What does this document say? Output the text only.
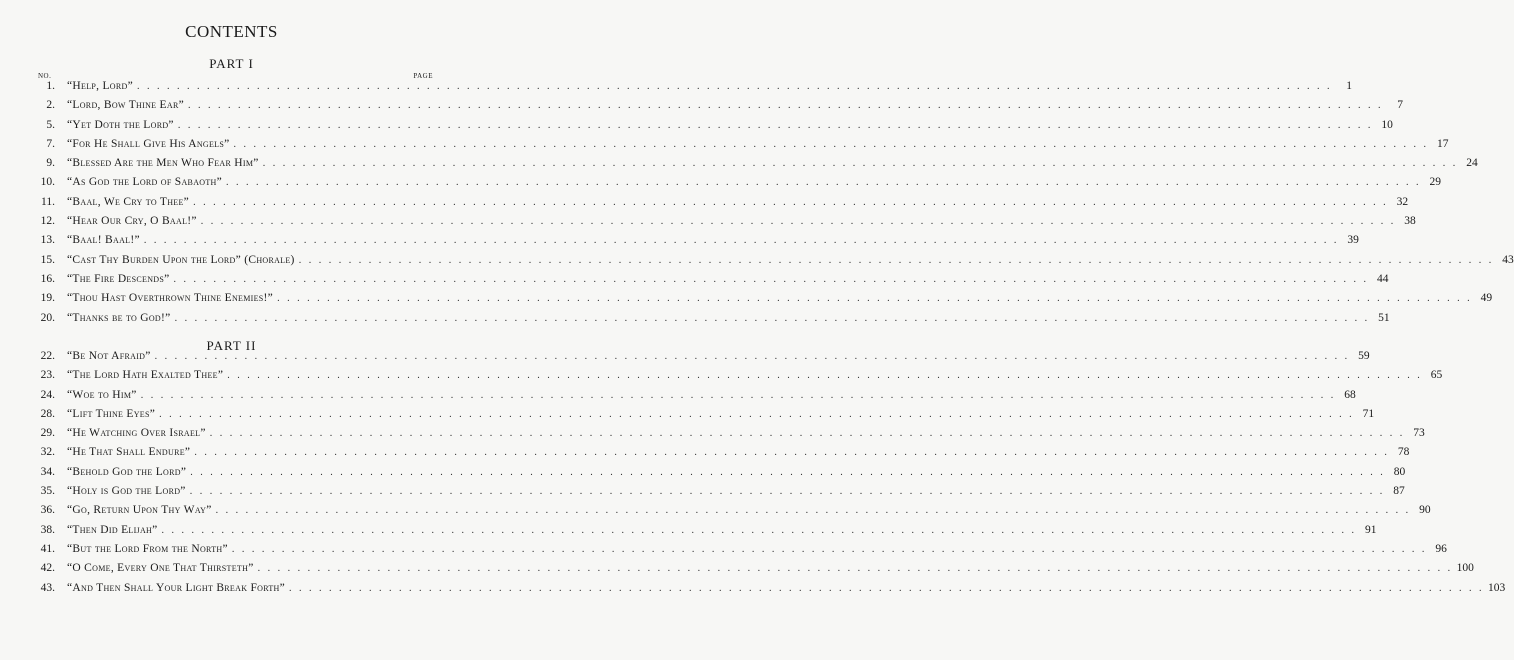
CONTENTS
PART I
NO.	PAGE
1. “Help, Lord” . . . . . . . . . . . . . . . . . . . . . . . . . . . . . . . . . . . . . . . . . . . . . . . . . . . . . . . . . . . . . . . . . . . . . . . . . . . . . . . . . . . . . . . . . . . . . . . . . . . . . . . . . . . . . . . . . . . . . . . .	1
2. “Lord, Bow Thine Ear” . . . . . . . . . . . . . . . . . . . . . . . . . . . . . . . . . . . . . . . . . . . . . . . . . . . . . . . . . . . . . . . . . . . . . . . . . . . . . . . . . . . . . . . . . . . . . . . . . . . . . . . . . . . . . . . . . . . . . . . .	7
5. “Yet Doth the Lord” . . . . . . . . . . . . . . . . . . . . . . . . . . . . . . . . . . . . . . . . . . . . . . . . . . . . . . . . . . . . . . . . . . . . . . . . . . . . . . . . . . . . . . . . . . . . . . . . . . . . . . . . . . . . . . . . . . . . . . . . 10
7. “For He Shall Give His Angels” . . . . . . . . . . . . . . . . . . . . . . . . . . . . . . . . . . . . . . . . . . . . . . . . . . . . . . . . . . . . . . . . . . . . . . . . . . . . . . . . . . . . . . . . . . . . . . . . . . . . . . . . . . . . . . . . . . . . . . . . 17
9. “Blessed Are the Men Who Fear Him” . . . . . . . . . . . . . . . . . . . . . . . . . . . . . . . . . . . . . . . . . . . . . . . . . . . . . . . . . . . . . . . . . . . . . . . . . . . . . . . . . . . . . . . . . . . . . . . . . . . . . . . . . . . . . . . . . . . . . . . . 24
10. “As God the Lord of Sabaoth” . . . . . . . . . . . . . . . . . . . . . . . . . . . . . . . . . . . . . . . . . . . . . . . . . . . . . . . . . . . . . . . . . . . . . . . . . . . . . . . . . . . . . . . . . . . . . . . . . . . . . . . . . . . . . . . . . . . . . . . . 29
11. “Baal, We Cry to Thee” . . . . . . . . . . . . . . . . . . . . . . . . . . . . . . . . . . . . . . . . . . . . . . . . . . . . . . . . . . . . . . . . . . . . . . . . . . . . . . . . . . . . . . . . . . . . . . . . . . . . . . . . . . . . . . . . . . . . . . . . 32
12. “Hear Our Cry, O Baal!” . . . . . . . . . . . . . . . . . . . . . . . . . . . . . . . . . . . . . . . . . . . . . . . . . . . . . . . . . . . . . . . . . . . . . . . . . . . . . . . . . . . . . . . . . . . . . . . . . . . . . . . . . . . . . . . . . . . . . . . . 38
13. “Baal! Baal!” . . . . . . . . . . . . . . . . . . . . . . . . . . . . . . . . . . . . . . . . . . . . . . . . . . . . . . . . . . . . . . . . . . . . . . . . . . . . . . . . . . . . . . . . . . . . . . . . . . . . . . . . . . . . . . . . . . . . . . . . 39
15. “Cast Thy Burden Upon the Lord” (Chorale) . . . . . . . . . . . . . . . . . . . . . . . . . . . . . . . . . . . . . . . . . . . . . . . . . . . . . . . . . . . . . . . . . . . . . . . . . . . . . . . . . . . . . . . . . . . . . . . . . . . . . . . . . . . . . . . . . . . . . . . . 43
16. “The Fire Descends” . . . . . . . . . . . . . . . . . . . . . . . . . . . . . . . . . . . . . . . . . . . . . . . . . . . . . . . . . . . . . . . . . . . . . . . . . . . . . . . . . . . . . . . . . . . . . . . . . . . . . . . . . . . . . . . . . . . . . . . . 44
19. “Thou Hast Overthrown Thine Enemies!” . . . . . . . . . . . . . . . . . . . . . . . . . . . . . . . . . . . . . . . . . . . . . . . . . . . . . . . . . . . . . . . . . . . . . . . . . . . . . . . . . . . . . . . . . . . . . . . . . . . . . . . . . . . . . . . . . . . . . . . . 49
20. “Thanks be to God!” . . . . . . . . . . . . . . . . . . . . . . . . . . . . . . . . . . . . . . . . . . . . . . . . . . . . . . . . . . . . . . . . . . . . . . . . . . . . . . . . . . . . . . . . . . . . . . . . . . . . . . . . . . . . . . . . . . . . . . . . 51
PART II
22. “Be Not Afraid” . . . . . . . . . . . . . . . . . . . . . . . . . . . . . . . . . . . . . . . . . . . . . . . . . . . . . . . . . . . . . . . . . . . . . . . . . . . . . . . . . . . . . . . . . . . . . . . . . . . . . . . . . . . . . . . . . . . . . . . . 59
23. “The Lord Hath Exalted Thee” . . . . . . . . . . . . . . . . . . . . . . . . . . . . . . . . . . . . . . . . . . . . . . . . . . . . . . . . . . . . . . . . . . . . . . . . . . . . . . . . . . . . . . . . . . . . . . . . . . . . . . . . . . . . . . . . . . . . . . . . 65
24. “Woe to Him” . . . . . . . . . . . . . . . . . . . . . . . . . . . . . . . . . . . . . . . . . . . . . . . . . . . . . . . . . . . . . . . . . . . . . . . . . . . . . . . . . . . . . . . . . . . . . . . . . . . . . . . . . . . . . . . . . . . . . . . . 68
28. “Lift Thine Eyes” . . . . . . . . . . . . . . . . . . . . . . . . . . . . . . . . . . . . . . . . . . . . . . . . . . . . . . . . . . . . . . . . . . . . . . . . . . . . . . . . . . . . . . . . . . . . . . . . . . . . . . . . . . . . . . . . . . . . . . . . 71
29. “He Watching Over Israel” . . . . . . . . . . . . . . . . . . . . . . . . . . . . . . . . . . . . . . . . . . . . . . . . . . . . . . . . . . . . . . . . . . . . . . . . . . . . . . . . . . . . . . . . . . . . . . . . . . . . . . . . . . . . . . . . . . . . . . . . 73
32. “He That Shall Endure” . . . . . . . . . . . . . . . . . . . . . . . . . . . . . . . . . . . . . . . . . . . . . . . . . . . . . . . . . . . . . . . . . . . . . . . . . . . . . . . . . . . . . . . . . . . . . . . . . . . . . . . . . . . . . . . . . . . . . . . . 78
34. “Behold God the Lord” . . . . . . . . . . . . . . . . . . . . . . . . . . . . . . . . . . . . . . . . . . . . . . . . . . . . . . . . . . . . . . . . . . . . . . . . . . . . . . . . . . . . . . . . . . . . . . . . . . . . . . . . . . . . . . . . . . . . . . . . 80
35. “Holy is God the Lord” . . . . . . . . . . . . . . . . . . . . . . . . . . . . . . . . . . . . . . . . . . . . . . . . . . . . . . . . . . . . . . . . . . . . . . . . . . . . . . . . . . . . . . . . . . . . . . . . . . . . . . . . . . . . . . . . . . . . . . . . 87
36. “Go, Return Upon Thy Way” . . . . . . . . . . . . . . . . . . . . . . . . . . . . . . . . . . . . . . . . . . . . . . . . . . . . . . . . . . . . . . . . . . . . . . . . . . . . . . . . . . . . . . . . . . . . . . . . . . . . . . . . . . . . . . . . . . . . . . . . 90
38. “Then Did Elijah” . . . . . . . . . . . . . . . . . . . . . . . . . . . . . . . . . . . . . . . . . . . . . . . . . . . . . . . . . . . . . . . . . . . . . . . . . . . . . . . . . . . . . . . . . . . . . . . . . . . . . . . . . . . . . . . . . . . . . . . . 91
41. “But the Lord From the North” . . . . . . . . . . . . . . . . . . . . . . . . . . . . . . . . . . . . . . . . . . . . . . . . . . . . . . . . . . . . . . . . . . . . . . . . . . . . . . . . . . . . . . . . . . . . . . . . . . . . . . . . . . . . . . . . . . . . . . . . 96
42. “O Come, Every One That Thirsteth” . . . . . . . . . . . . . . . . . . . . . . . . . . . . . . . . . . . . . . . . . . . . . . . . . . . . . . . . . . . . . . . . . . . . . . . . . . . . . . . . . . . . . . . . . . . . . . . . . . . . . . . . . . . . . . . . . . . . . . . . 100
43. “And Then Shall Your Light Break Forth” . . . . . . . . . . . . . . . . . . . . . . . . . . . . . . . . . . . . . . . . . . . . . . . . . . . . . . . . . . . . . . . . . . . . . . . . . . . . . . . . . . . . . . . . . . . . . . . . . . . . . . . . . . . . . . . . . . . . . . . . 103
